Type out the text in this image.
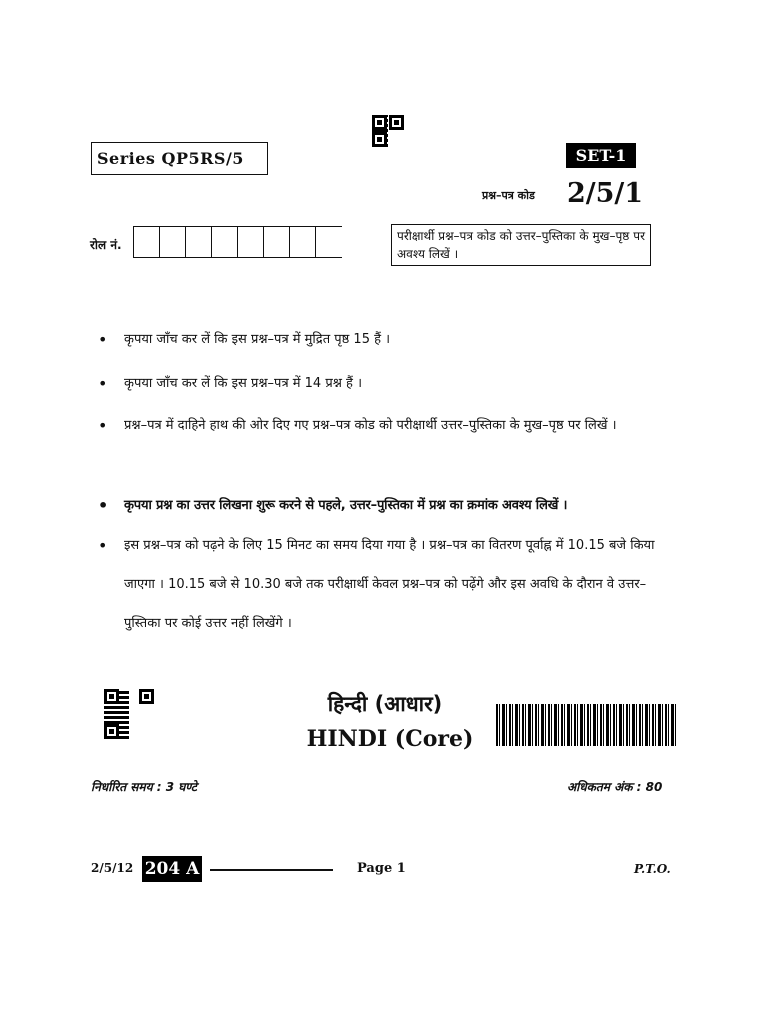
Series QP5RS/5	SET-1
प्रश्न–पत्र कोड 2/5/1
रोल नं.
परीक्षार्थी प्रश्न–पत्र कोड को उत्तर–पुस्तिका के मुख–पृष्ठ पर अवश्य लिखें ।
• कृपया जाँच कर लें कि इस प्रश्न–पत्र में मुद्रित पृष्ठ 15 हैं ।
• कृपया जाँच कर लें कि इस प्रश्न–पत्र में 14 प्रश्न हैं ।
• प्रश्न–पत्र में दाहिने हाथ की ओर दिए गए प्रश्न–पत्र कोड को परीक्षार्थी उत्तर–पुस्तिका के मुख–पृष्ठ पर लिखें ।
• कृपया प्रश्न का उत्तर लिखना शुरू करने से पहले, उत्तर–पुस्तिका में प्रश्न का क्रमांक अवश्य लिखें ।
• इस प्रश्न–पत्र को पढ़ने के लिए 15 मिनट का समय दिया गया है । प्रश्न–पत्र का वितरण पूर्वाह्न में 10.15 बजे किया जाएगा । 10.15 बजे से 10.30 बजे तक परीक्षार्थी केवल प्रश्न–पत्र को पढ़ेंगे और इस अवधि के दौरान वे उत्तर–पुस्तिका पर कोई उत्तर नहीं लिखेंगे ।
हिन्दी (आधार)
HINDI (Core)
निर्धारित समय : 3 घण्टे	अधिकतम अंक : 80
2/5/12 204 A	Page 1	P.T.O.
